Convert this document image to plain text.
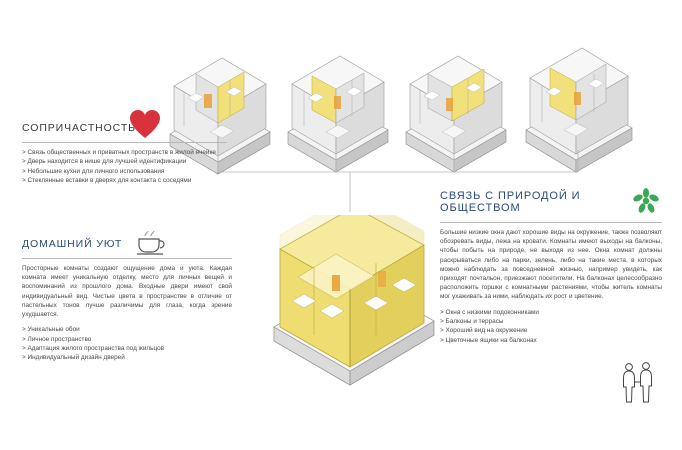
СОПРИЧАСТНОСТЬ
> Связь общественных и приватных пространств в жилой ячейке
> Дверь находится в нише для лучшей идентификации
> Небольшие кухни для личного использования
> Стеклянные вставки в дверях для контакта с соседями
ДОМАШНИЙ УЮТ

Просторные комнаты создают ощущение дома и уюта. Каждая комната имеет уникальную отделку, место для личных вещей и воспоминаний из прошлого дома. Входные двери имеют свой индивидуальный вид. Чистые цвета в пространстве в отличие от пастельных тонов лучше различимы для глаза, когда зрение ухудшается.

> Уникальные обои
> Личное пространство
> Адаптация жилого пространства под жильцов
> Индивидуальный дизайн дверей
СВЯЗЬ С ПРИРОДОЙ И ОБЩЕСТВОМ

Большие низкие окна дают хорошие виды на окружение, также позволяют обозревать виды, лежа на кровати. Комнаты имеют выходы на балконы, чтобы побыть на природе, не выходя из нее. Окна комнат должны раскрываться либо на парки, зелень, либо на такие места, в которых можно наблюдать за повседневной жизнью, например увидеть, как приходят почтальон, приезжают посетители. На балконах целесообразно расположить горшки с комнатными растениями, чтобы житель комнаты мог ухаживать за ними, наблюдать их рост и цветение.

> Окна с низкими подоконниками
> Балконы и террасы
> Хороший вид на окружение
> Цветочные ящики на балконах
